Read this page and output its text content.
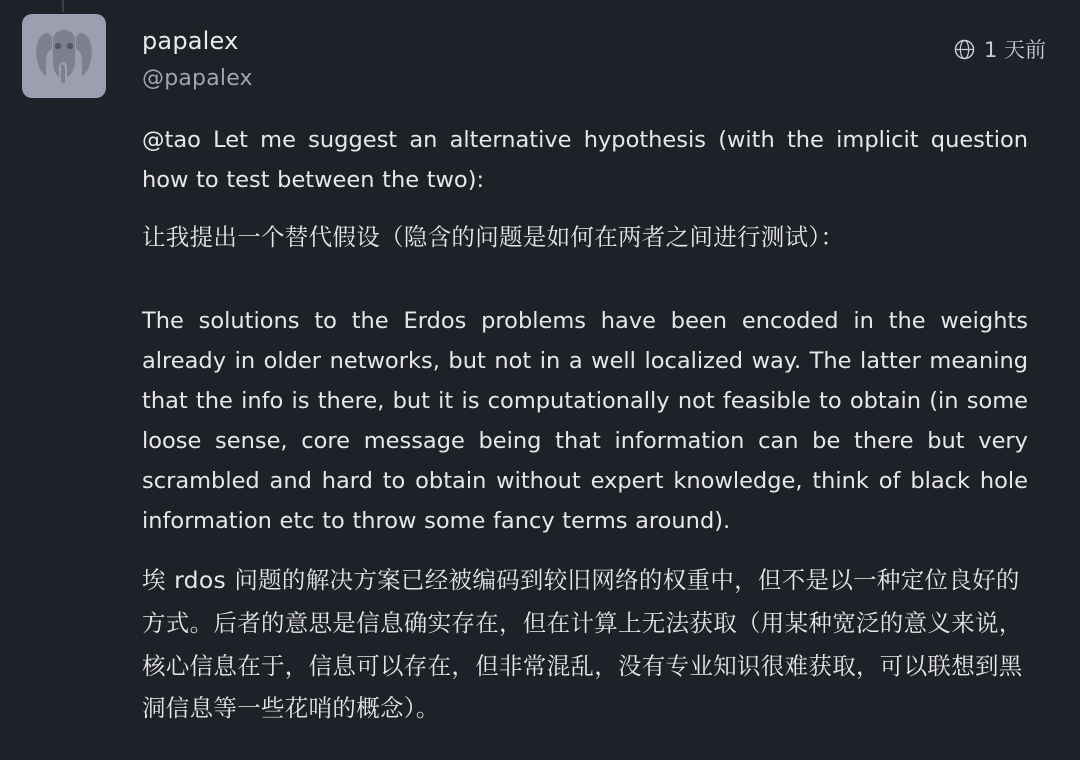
papalex
@papalex
1 天前

@tao Let me suggest an alternative hypothesis (with the implicit question how to test between the two):

让我提出一个替代假设（隐含的问题是如何在两者之间进行测试）：

The solutions to the Erdos problems have been encoded in the weights already in older networks, but not in a well localized way. The latter meaning that the info is there, but it is computationally not feasible to obtain (in some loose sense, core message being that information can be there but very scrambled and hard to obtain without expert knowledge, think of black hole information etc to throw some fancy terms around).

埃 rdos 问题的解决方案已经被编码到较旧网络的权重中，但不是以一种定位良好的方式。后者的意思是信息确实存在，但在计算上无法获取（用某种宽泛的意义来说，核心信息在于，信息可以存在，但非常混乱，没有专业知识很难获取，可以联想到黑洞信息等一些花哨的概念）。
